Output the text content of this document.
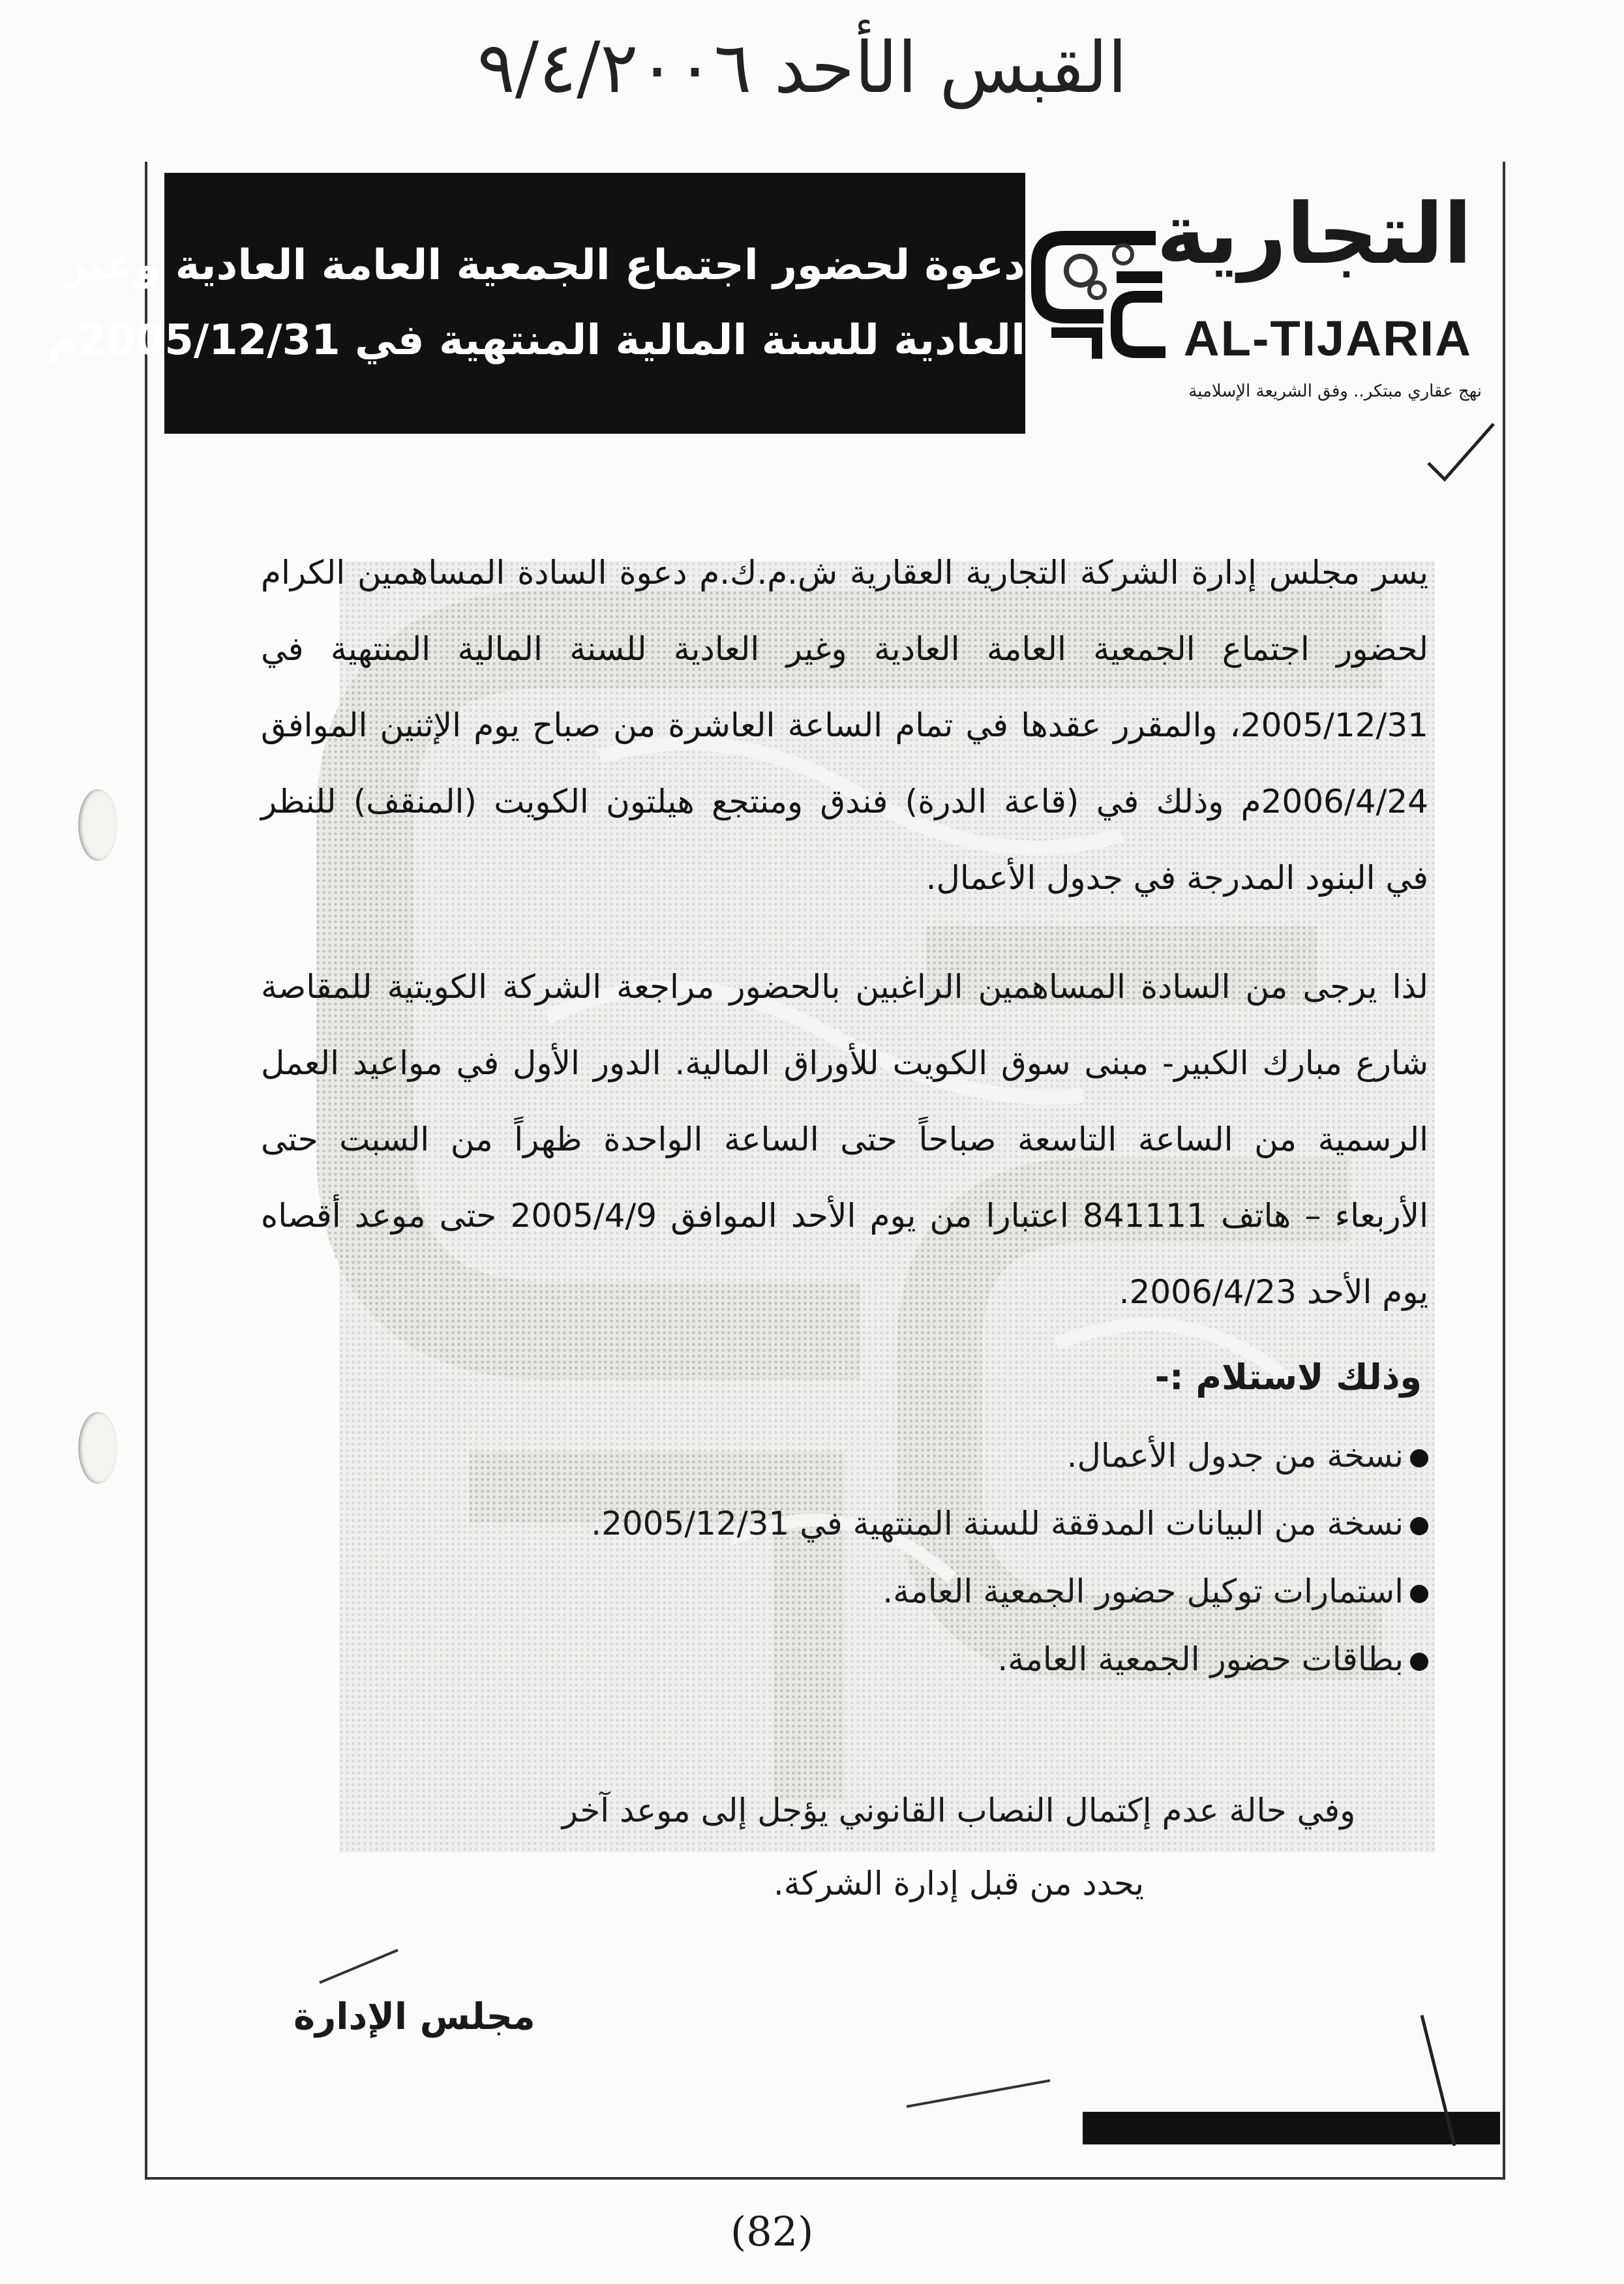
القبس الأحد ٩/٤/٢٠٠٦
دعوة لحضور اجتماع الجمعية العامة العادية وغير
العادية للسنة المالية المنتهية في 2005/12/31م
التجارية
AL-TIJARIA
نهج عقاري مبتكر.. وفق الشريعة الإسلامية
يسر مجلس إدارة الشركة التجارية العقارية ش.م.ك.م دعوة السادة المساهمين الكرام
لحضور اجتماع الجمعية العامة العادية وغير العادية للسنة المالية المنتهية في
2005/12/31، والمقرر عقدها في تمام الساعة العاشرة من صباح يوم الإثنين الموافق
2006/4/24م وذلك في (قاعة الدرة) فندق ومنتجع هيلتون الكويت (المنقف) للنظر
في البنود المدرجة في جدول الأعمال.
لذا يرجى من السادة المساهمين الراغبين بالحضور مراجعة الشركة الكويتية للمقاصة
شارع مبارك الكبير- مبنى سوق الكويت للأوراق المالية. الدور الأول في مواعيد العمل
الرسمية من الساعة التاسعة صباحاً حتى الساعة الواحدة ظهراً من السبت حتى
الأربعاء – هاتف 841111 اعتبارا من يوم الأحد الموافق 2005/4/9 حتى موعد أقصاه
يوم الأحد 2006/4/23.
وذلك لاستلام :-
نسخة من جدول الأعمال.
نسخة من البيانات المدققة للسنة المنتهية في 2005/12/31.
استمارات توكيل حضور الجمعية العامة.
بطاقات حضور الجمعية العامة.
وفي حالة عدم إكتمال النصاب القانوني يؤجل إلى موعد آخر
يحدد من قبل إدارة الشركة.
مجلس الإدارة
(82)
